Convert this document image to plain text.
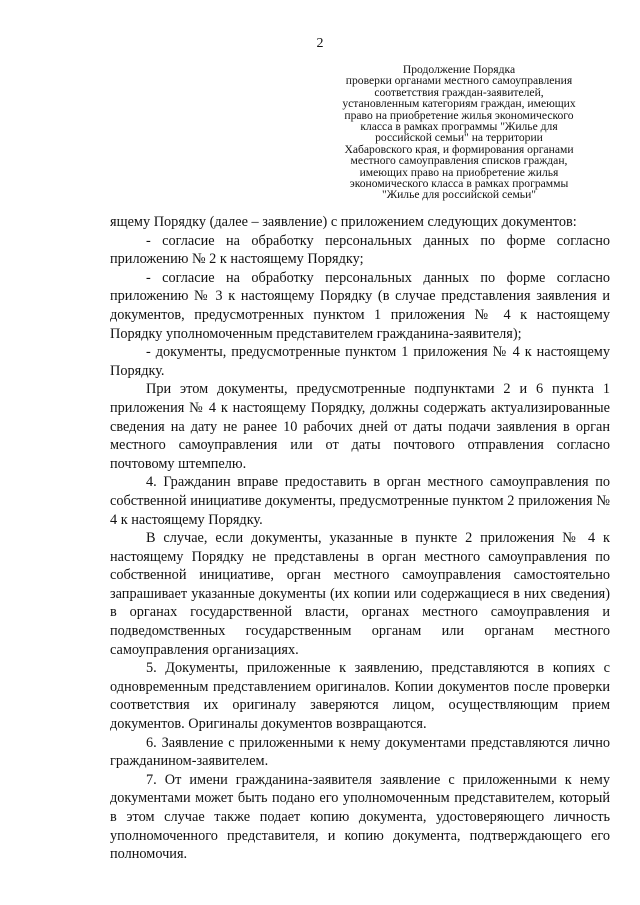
2
Продолжение Порядка
проверки органами местного самоуправления
соответствия граждан-заявителей,
установленным категориям граждан, имеющих
право на приобретение жилья экономического
класса в рамках программы "Жилье для
российской семьи" на территории
Хабаровского края, и формирования органами
местного самоуправления списков граждан,
имеющих право на приобретение жилья
экономического класса в рамках программы
"Жилье для российской семьи"

ящему Порядку (далее – заявление) с приложением следующих документов:

- согласие на обработку персональных данных по форме согласно приложению № 2 к настоящему Порядку;

- согласие на обработку персональных данных по форме согласно приложению № 3 к настоящему Порядку (в случае представления заявления и документов, предусмотренных пунктом 1 приложения № 4 к настоящему Порядку уполномоченным представителем гражданина-заявителя);

- документы, предусмотренные пунктом 1 приложения № 4 к настоящему Порядку.

При этом документы, предусмотренные подпунктами 2 и 6 пункта 1 приложения № 4 к настоящему Порядку, должны содержать актуализированные сведения на дату не ранее 10 рабочих дней от даты подачи заявления в орган местного самоуправления или от даты почтового отправления согласно почтовому штемпелю.

4. Гражданин вправе предоставить в орган местного самоуправления по собственной инициативе документы, предусмотренные пунктом 2 приложения № 4 к настоящему Порядку.

В случае, если документы, указанные в пункте 2 приложения № 4 к настоящему Порядку не представлены в орган местного самоуправления по собственной инициативе, орган местного самоуправления самостоятельно запрашивает указанные документы (их копии или содержащиеся в них сведения) в органах государственной власти, органах местного самоуправления и подведомственных государственным органам или органам местного самоуправления организациях.

5. Документы, приложенные к заявлению, представляются в копиях с одновременным представлением оригиналов. Копии документов после проверки соответствия их оригиналу заверяются лицом, осуществляющим прием документов. Оригиналы документов возвращаются.

6. Заявление с приложенными к нему документами представляются лично гражданином-заявителем.

7. От имени гражданина-заявителя заявление с приложенными к нему документами может быть подано его уполномоченным представителем, который в этом случае также подает копию документа, удостоверяющего личность уполномоченного представителя, и копию документа, подтверждающего его полномочия.
